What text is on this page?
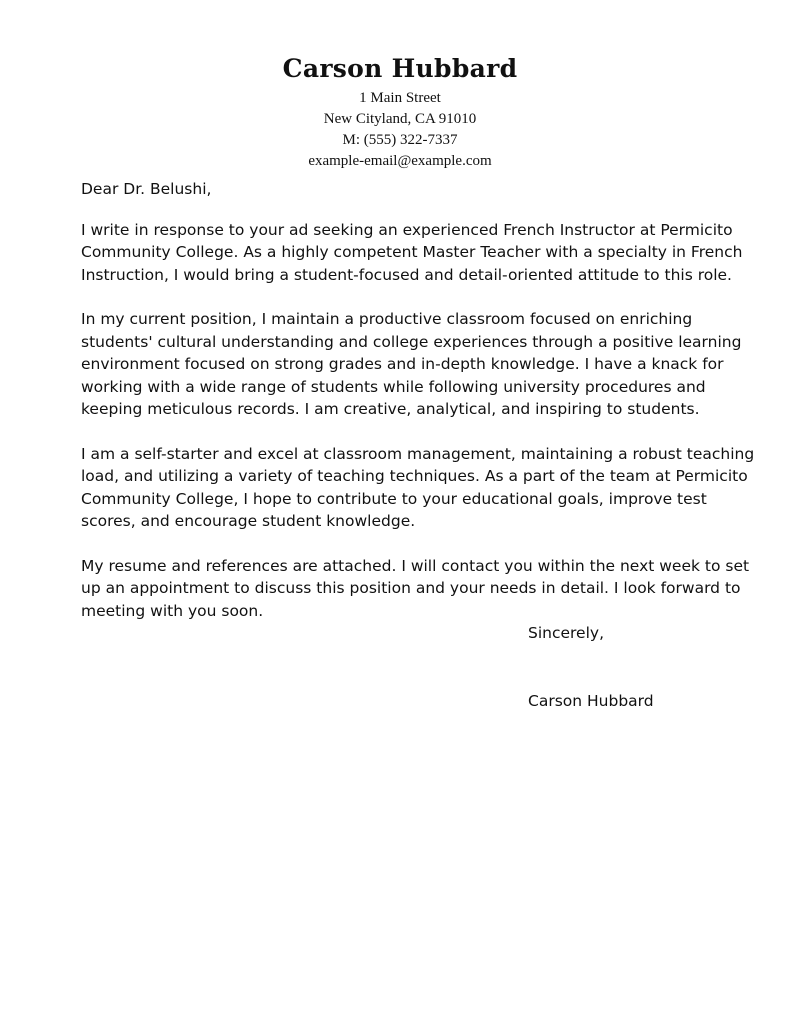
Carson Hubbard
1 Main Street
New Cityland, CA 91010
M: (555) 322-7337
example-email@example.com
Dear Dr. Belushi,
I write in response to your ad seeking an experienced French Instructor at Permicito
Community College. As a highly competent Master Teacher with a specialty in French
Instruction, I would bring a student-focused and detail-oriented attitude to this role.
In my current position, I maintain a productive classroom focused on enriching
students' cultural understanding and college experiences through a positive learning
environment focused on strong grades and in-depth knowledge. I have a knack for
working with a wide range of students while following university procedures and
keeping meticulous records. I am creative, analytical, and inspiring to students.
I am a self-starter and excel at classroom management, maintaining a robust teaching
load, and utilizing a variety of teaching techniques. As a part of the team at Permicito
Community College, I hope to contribute to your educational goals, improve test
scores, and encourage student knowledge.
My resume and references are attached. I will contact you within the next week to set
up an appointment to discuss this position and your needs in detail. I look forward to
meeting with you soon.
Sincerely,
Carson Hubbard
